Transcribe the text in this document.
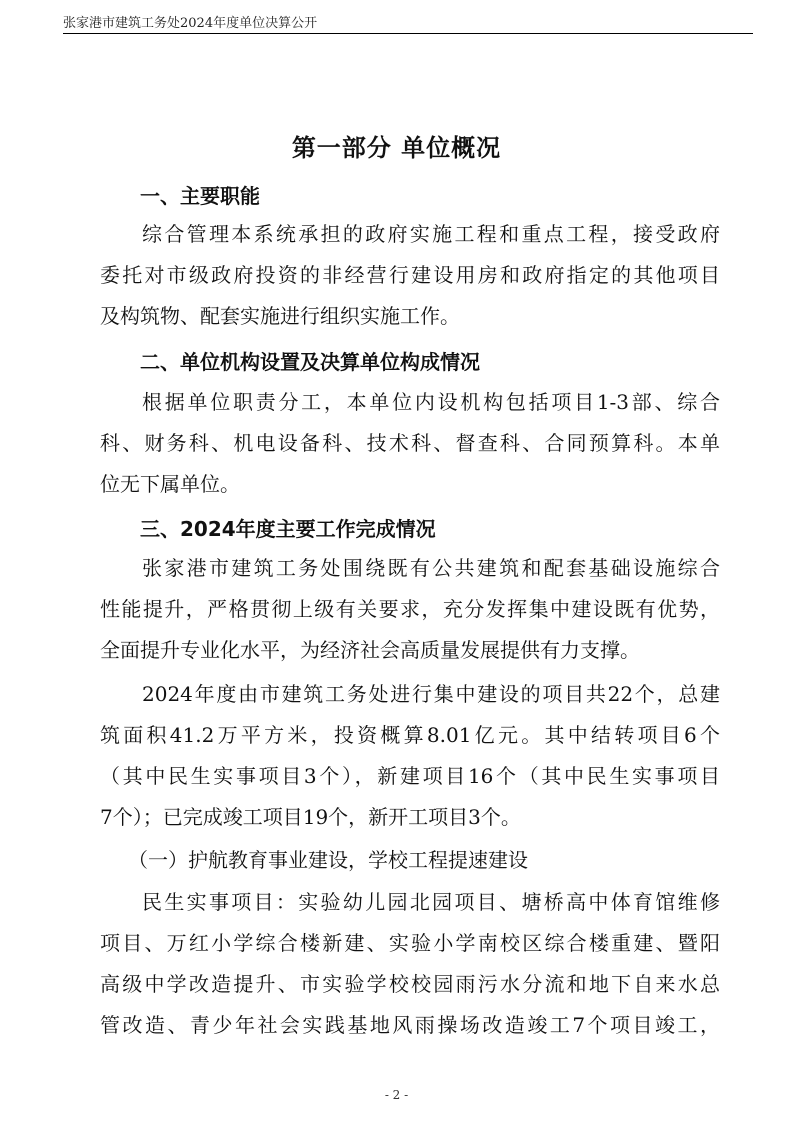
张家港市建筑工务处2024年度单位决算公开
第一部分 单位概况
一、主要职能
综合管理本系统承担的政府实施工程和重点工程，接受政府
委托对市级政府投资的非经营行建设用房和政府指定的其他项目
及构筑物、配套实施进行组织实施工作。
二、单位机构设置及决算单位构成情况
根据单位职责分工，本单位内设机构包括项目1-3部、综合
科、财务科、机电设备科、技术科、督查科、合同预算科。本单
位无下属单位。
三、2024年度主要工作完成情况
张家港市建筑工务处围绕既有公共建筑和配套基础设施综合
性能提升，严格贯彻上级有关要求，充分发挥集中建设既有优势，
全面提升专业化水平，为经济社会高质量发展提供有力支撑。
2024年度由市建筑工务处进行集中建设的项目共22个，总建
筑面积41.2万平方米，投资概算8.01亿元。其中结转项目6个
（其中民生实事项目3个），新建项目16个（其中民生实事项目
7个）；已完成竣工项目19个，新开工项目3个。
（一）护航教育事业建设，学校工程提速建设
民生实事项目：实验幼儿园北园项目、塘桥高中体育馆维修
项目、万红小学综合楼新建、实验小学南校区综合楼重建、暨阳
高级中学改造提升、市实验学校校园雨污水分流和地下自来水总
管改造、青少年社会实践基地风雨操场改造竣工7个项目竣工，
- 2 -
